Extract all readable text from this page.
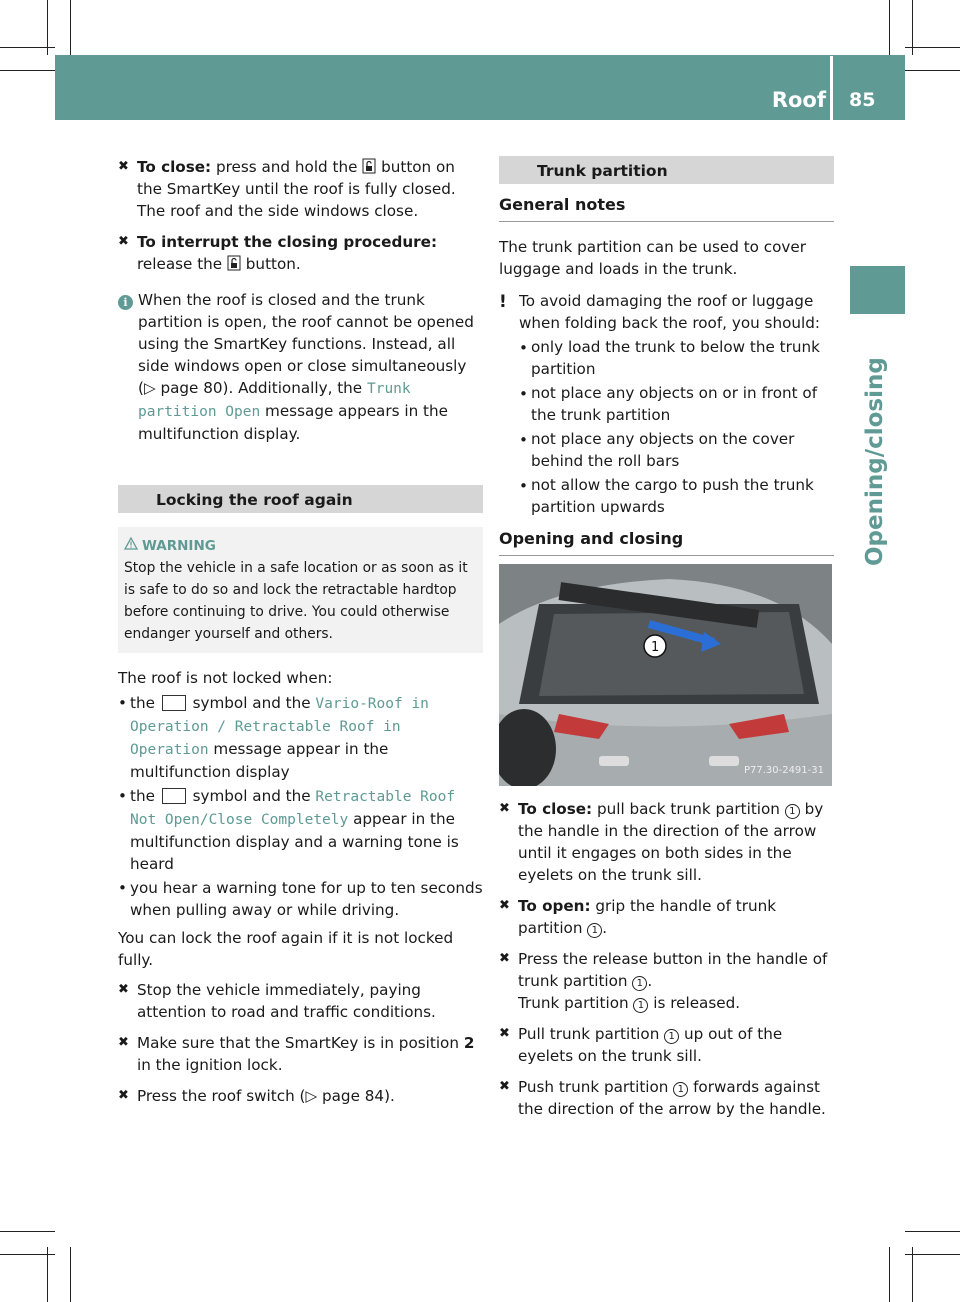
Roof 85
Opening/closing
✖ To close: press and hold the button on the SmartKey until the roof is fully closed.
The roof and the side windows close.
✖ To interrupt the closing procedure:
release the button.
i When the roof is closed and the trunk partition is open, the roof cannot be opened using the SmartKey functions. Instead, all side windows open or close simultaneously (▷ page 80). Additionally, the Trunk partition Open message appears in the multifunction display.
Locking the roof again
WARNING
Stop the vehicle in a safe location or as soon as it is safe to do so and lock the retractable hardtop before continuing to drive. You could otherwise endanger yourself and others.
The roof is not locked when:
• the symbol and the Vario-Roof in Operation / Retractable Roof in Operation message appear in the multifunction display
• the symbol and the Retractable Roof Not Open/Close Completely appear in the multifunction display and a warning tone is heard
• you hear a warning tone for up to ten seconds when pulling away or while driving.
You can lock the roof again if it is not locked fully.
✖ Stop the vehicle immediately, paying attention to road and traffic conditions.
✖ Make sure that the SmartKey is in position 2 in the ignition lock.
✖ Press the roof switch (▷ page 84).
Trunk partition
General notes
The trunk partition can be used to cover luggage and loads in the trunk.
! To avoid damaging the roof or luggage when folding back the roof, you should:
• only load the trunk to below the trunk partition
• not place any objects on or in front of the trunk partition
• not place any objects on the cover behind the roll bars
• not allow the cargo to push the trunk partition upwards
Opening and closing
1
P77.30-2491-31
✖ To close: pull back trunk partition 1 by the handle in the direction of the arrow until it engages on both sides in the eyelets on the trunk sill.
✖ To open: grip the handle of trunk partition 1 .
✖ Press the release button in the handle of trunk partition 1 .
Trunk partition 1 is released.
✖ Pull trunk partition 1 up out of the eyelets on the trunk sill.
✖ Push trunk partition 1 forwards against the direction of the arrow by the handle.
